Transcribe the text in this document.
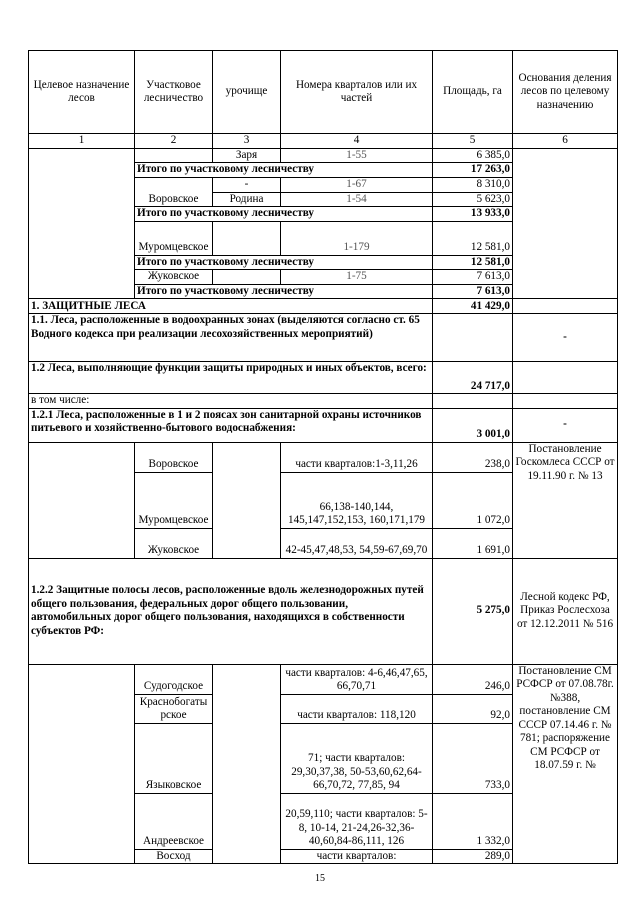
Целевое назначение лесов	Участковое лесничество	урочище	Номера кварталов или их частей	Площадь, га	Основания деления лесов по целевому назначению
1	2	3	4	5	6
		Заря	1-55	6 385,0	
	Итого по участковому лесничеству			17 263,0	
	Воровское	-	1-67	8 310,0	
		Родина	1-54	5 623,0	
	Итого по участковому лесничеству			13 933,0	
	Муромцевское		1-179	12 581,0	
	Итого по участковому лесничеству			12 581,0	
	Жуковское		1-75	7 613,0	
	Итого по участковому лесничеству			7 613,0	
1. ЗАЩИТНЫЕ ЛЕСА				41 429,0	
1.1. Леса, расположенные в водоохранных зонах (выделяются согласно ст. 65 Водного кодекса при реализации лесохозяйственных мероприятий)					-
1.2 Леса, выполняющие функции защиты природных и иных объектов, всего:				24 717,0	
в том числе:					
1.2.1 Леса, расположенные в 1 и 2 поясах зон санитарной охраны источников питьевого и хозяйственно-бытового водоснабжения:				3 001,0	-
	Воровское		части кварталов:1-3,11,26	238,0	Постановление Госкомлеса СССР от 19.11.90 г. № 13
	Муромцевское		66,138-140,144, 145,147,152,153, 160,171,179	1 072,0	
	Жуковское		42-45,47,48,53, 54,59-67,69,70	1 691,0	
1.2.2 Защитные полосы лесов, расположенные вдоль железнодорожных путей общего пользования, федеральных дорог общего пользовании, автомобильных дорог общего пользования, находящихся в собственности субъектов РФ:				5 275,0	Лесной кодекс РФ, Приказ Рослесхоза от 12.12.2011 № 516
	Судогодское		части кварталов: 4-6,46,47,65, 66,70,71	246,0	Постановление СМ РСФСР от 07.08.78г. №388, постановление СМ СССР 07.14.46 г. № 781; распоряжение СМ РСФСР от 18.07.59 г. №
	Краснобогатырское		части кварталов: 118,120	92,0	
	Языковское		71; части кварталов: 29,30,37,38, 50-53,60,62,64-66,70,72, 77,85, 94	733,0	
	Андреевское		20,59,110; части кварталов: 5-8, 10-14, 21-24,26-32,36-40,60,84-86,111, 126	1 332,0	
	Восход		части кварталов:	289,0	
15
